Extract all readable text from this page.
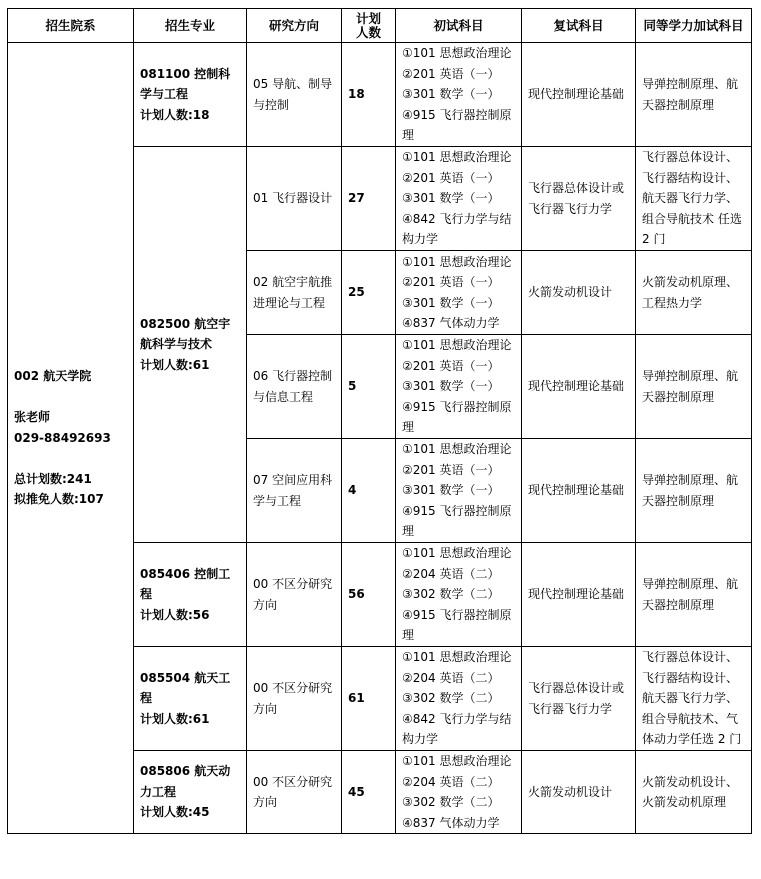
招生院系	招生专业	研究方向	计划人数	初试科目	复试科目	同等学力加试科目

002 航天学院
张老师
029-88492693
总计划数:241
拟推免人数:107	081100 控制科学与工程
计划人数:18	05 导航、制导与控制	18	①101 思想政治理论
②201 英语（一）
③301 数学（一）
④915 飞行器控制原理	现代控制理论基础	导弹控制原理、航天器控制原理

	082500 航空宇航科学与技术
计划人数:61	01 飞行器设计	27	①101 思想政治理论
②201 英语（一）
③301 数学（一）
④842 飞行力学与结构力学	飞行器总体设计或飞行器飞行力学	飞行器总体设计、飞行器结构设计、航天器飞行力学、组合导航技术 任选 2 门
		02 航空宇航推进理论与工程	25	①101 思想政治理论
②201 英语（一）
③301 数学（一）
④837 气体动力学	火箭发动机设计	火箭发动机原理、工程热力学
		06 飞行器控制与信息工程	5	①101 思想政治理论
②201 英语（一）
③301 数学（一）
④915 飞行器控制原理	现代控制理论基础	导弹控制原理、航天器控制原理
		07 空间应用科学与工程	4	①101 思想政治理论
②201 英语（一）
③301 数学（一）
④915 飞行器控制原理	现代控制理论基础	导弹控制原理、航天器控制原理

	085406 控制工程
计划人数:56	00 不区分研究方向	56	①101 思想政治理论
②204 英语（二）
③302 数学（二）
④915 飞行器控制原理	现代控制理论基础	导弹控制原理、航天器控制原理

	085504 航天工程
计划人数:61	00 不区分研究方向	61	①101 思想政治理论
②204 英语（二）
③302 数学（二）
④842 飞行力学与结构力学	飞行器总体设计或飞行器飞行力学	飞行器总体设计、飞行器结构设计、航天器飞行力学、组合导航技术、气体动力学任选 2 门

	085806 航天动力工程
计划人数:45	00 不区分研究方向	45	①101 思想政治理论
②204 英语（二）
③302 数学（二）
④837 气体动力学	火箭发动机设计	火箭发动机设计、火箭发动机原理
